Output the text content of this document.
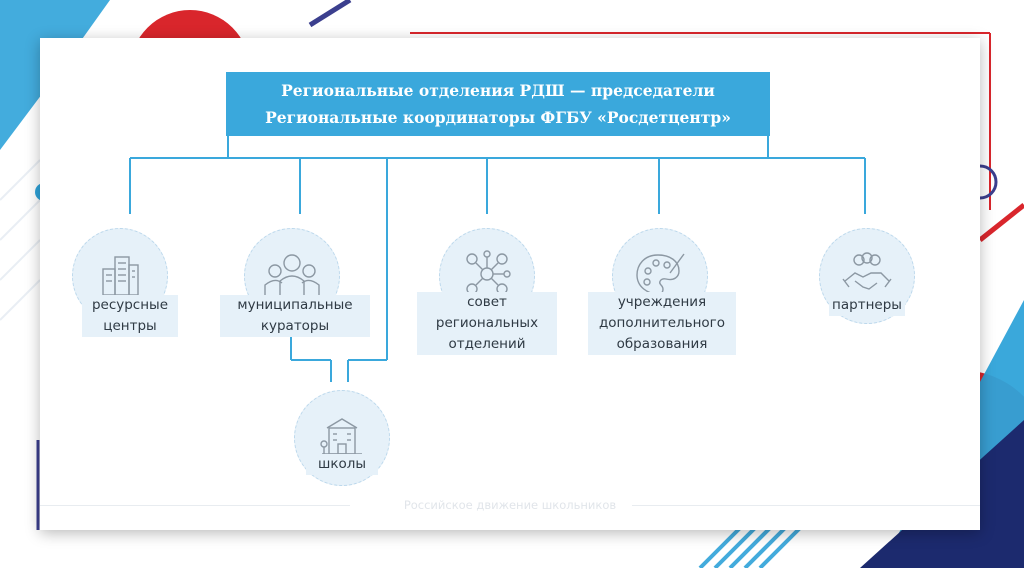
Региональные отделения РДШ — председатели
Региональные координаторы ФГБУ «Росдетцентр»
ресурсные центры
муниципальные кураторы
совет региональных отделений
учреждения дополнительного образования
партнеры
школы
Российское движение школьников
